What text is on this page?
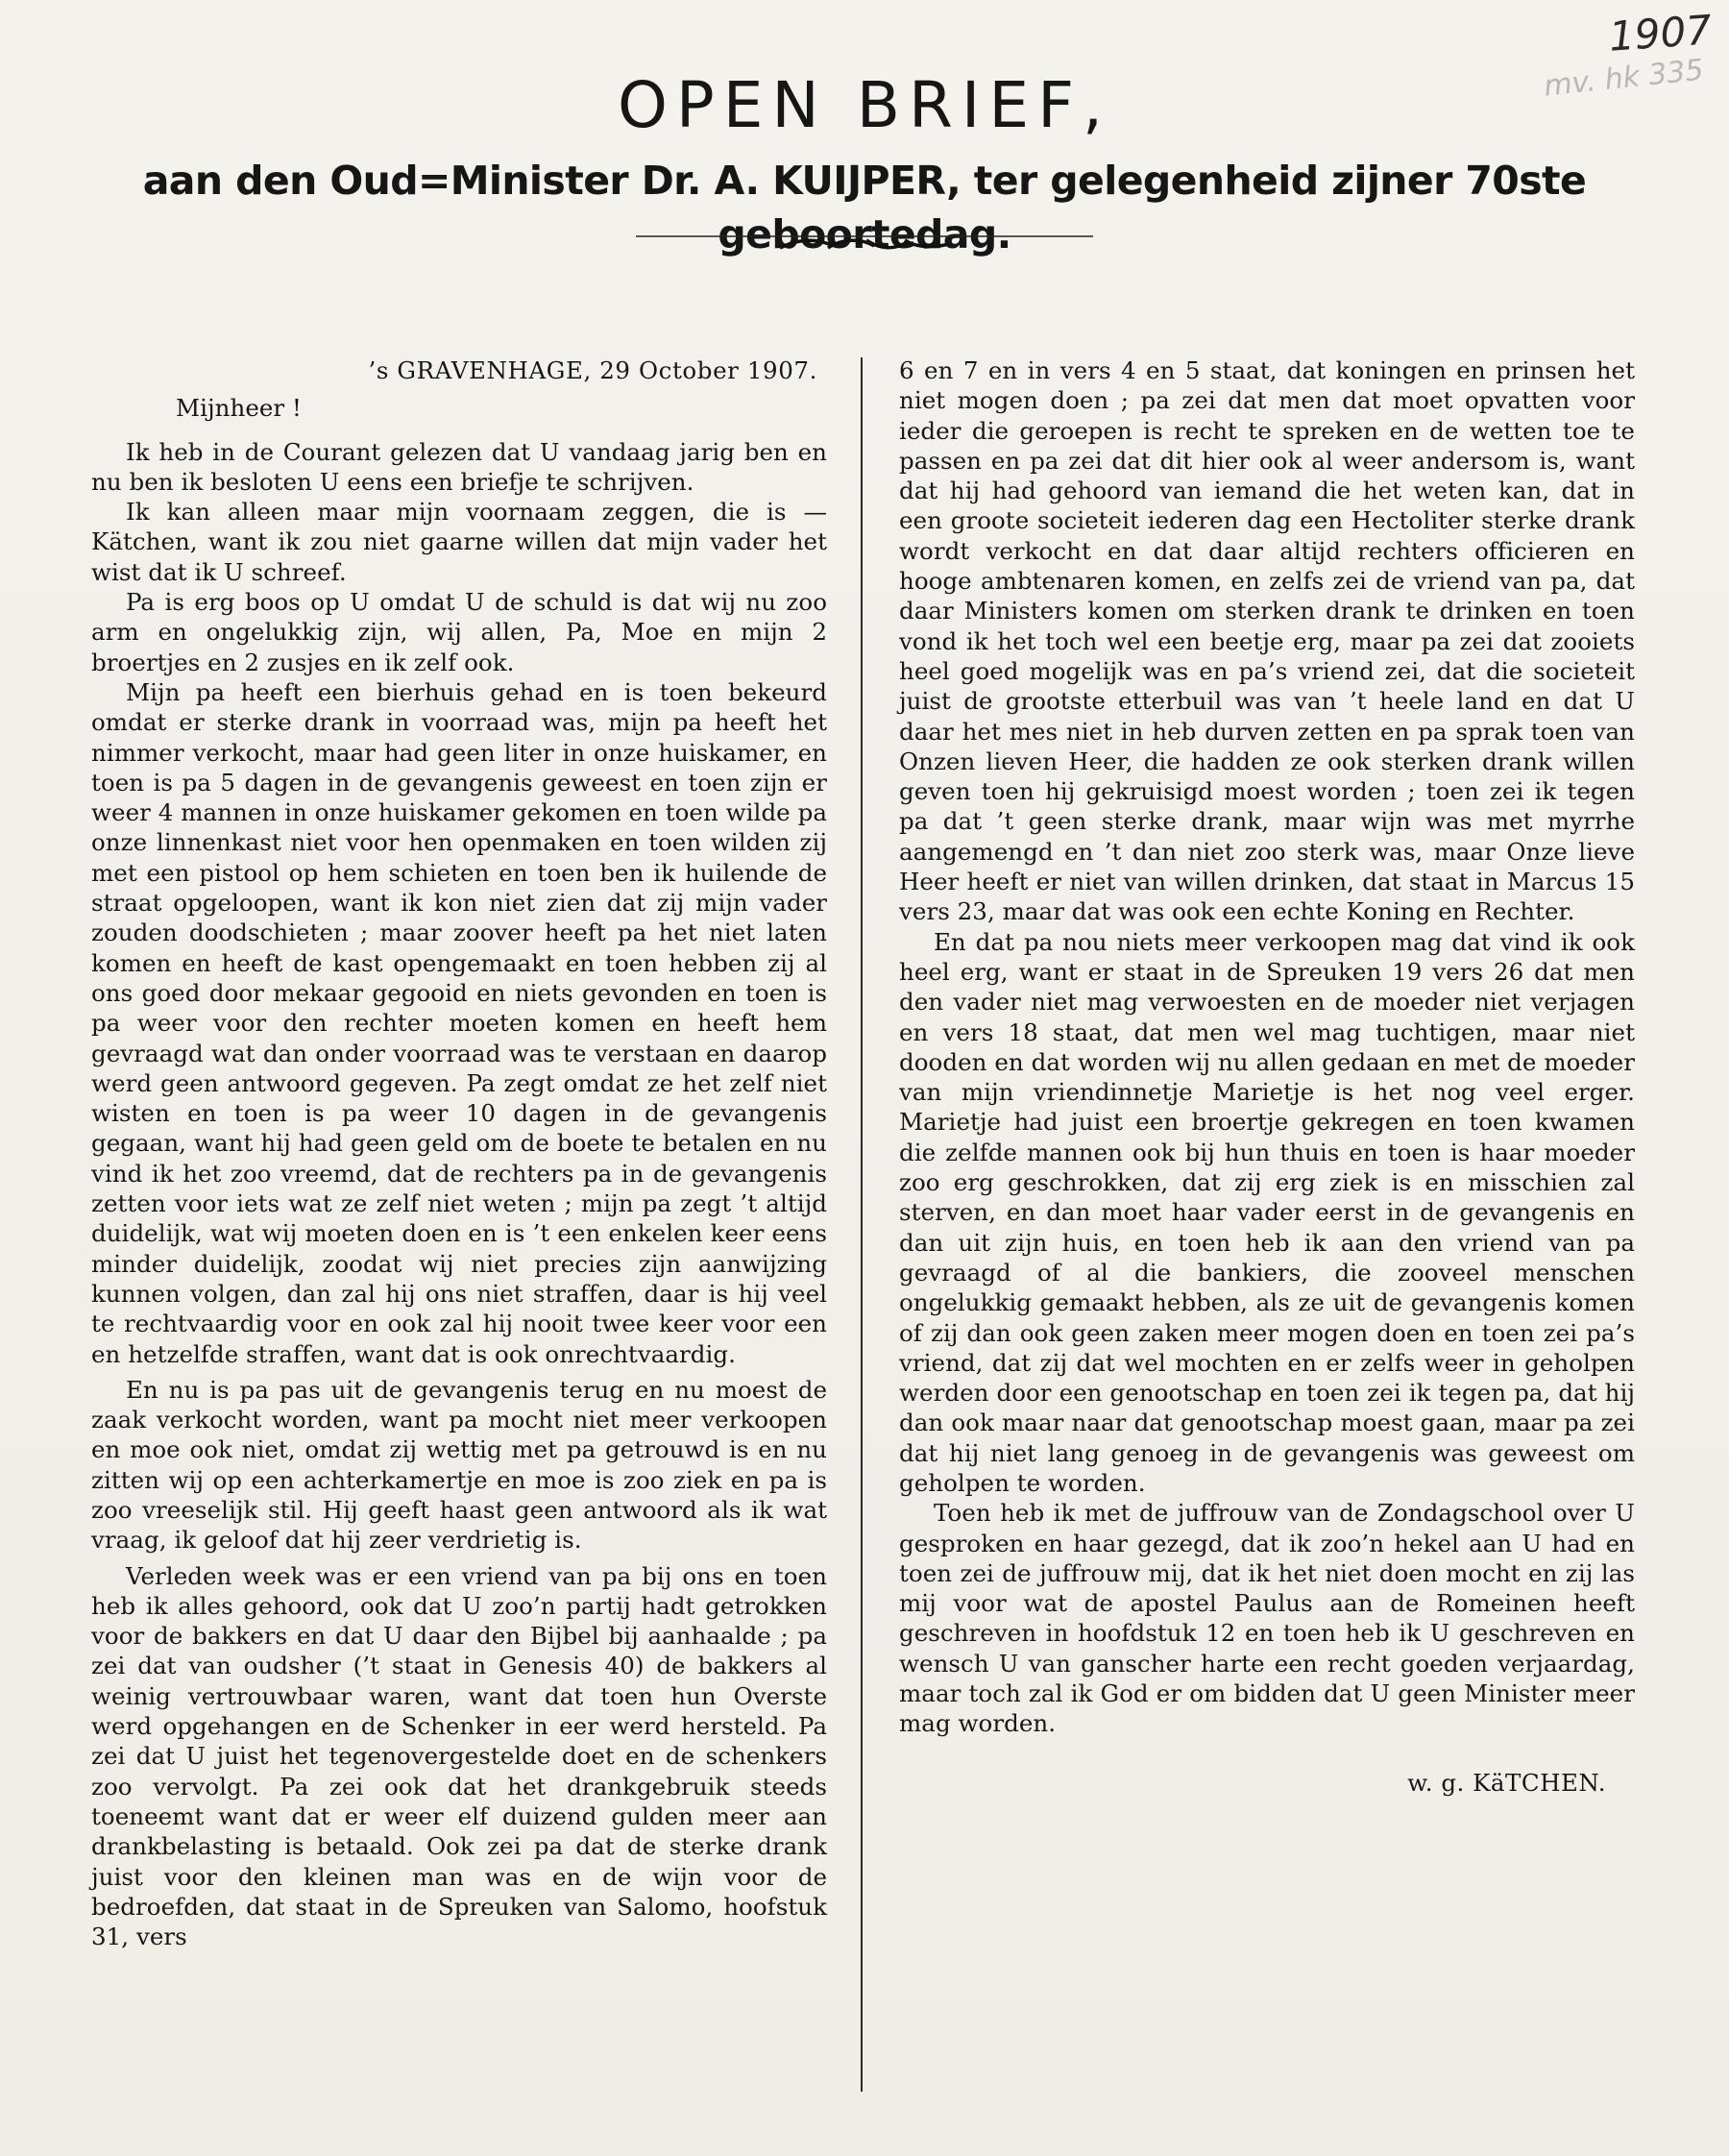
1907
mv. hk 335
OPEN BRIEF,
aan den Oud=Minister Dr. A. KUIJPER, ter gelegenheid zijner 70ste geboortedag.

’s GRAVENHAGE, 29 October 1907.

Mijnheer !

Ik heb in de Courant gelezen dat U vandaag jarig ben en nu ben ik besloten U eens een briefje te schrijven.

Ik kan alleen maar mijn voornaam zeggen, die is — Kätchen, want ik zou niet gaarne willen dat mijn vader het wist dat ik U schreef.

Pa is erg boos op U omdat U de schuld is dat wij nu zoo arm en ongelukkig zijn, wij allen, Pa, Moe en mijn 2 broertjes en 2 zusjes en ik zelf ook.

Mijn pa heeft een bierhuis gehad en is toen bekeurd omdat er sterke drank in voorraad was, mijn pa heeft het nimmer verkocht, maar had geen liter in onze huiskamer, en toen is pa 5 dagen in de gevangenis geweest en toen zijn er weer 4 mannen in onze huiskamer gekomen en toen wilde pa onze linnenkast niet voor hen openmaken en toen wilden zij met een pistool op hem schieten en toen ben ik huilende de straat opgeloopen, want ik kon niet zien dat zij mijn vader zouden doodschieten ; maar zoover heeft pa het niet laten komen en heeft de kast opengemaakt en toen hebben zij al ons goed door mekaar gegooid en niets gevonden en toen is pa weer voor den rechter moeten komen en heeft hem gevraagd wat dan onder voorraad was te verstaan en daarop werd geen antwoord gegeven. Pa zegt omdat ze het zelf niet wisten en toen is pa weer 10 dagen in de gevangenis gegaan, want hij had geen geld om de boete te betalen en nu vind ik het zoo vreemd, dat de rechters pa in de gevangenis zetten voor iets wat ze zelf niet weten ; mijn pa zegt ’t altijd duidelijk, wat wij moeten doen en is ’t een enkelen keer eens minder duidelijk, zoodat wij niet precies zijn aanwijzing kunnen volgen, dan zal hij ons niet straffen, daar is hij veel te rechtvaardig voor en ook zal hij nooit twee keer voor een en hetzelfde straffen, want dat is ook onrechtvaardig.

En nu is pa pas uit de gevangenis terug en nu moest de zaak verkocht worden, want pa mocht niet meer verkoopen en moe ook niet, omdat zij wettig met pa getrouwd is en nu zitten wij op een achterkamertje en moe is zoo ziek en pa is zoo vreeselijk stil. Hij geeft haast geen antwoord als ik wat vraag, ik geloof dat hij zeer verdrietig is.

Verleden week was er een vriend van pa bij ons en toen heb ik alles gehoord, ook dat U zoo’n partij hadt getrokken voor de bakkers en dat U daar den Bijbel bij aanhaalde ; pa zei dat van oudsher (’t staat in Genesis 40) de bakkers al weinig vertrouwbaar waren, want dat toen hun Overste werd opgehangen en de Schenker in eer werd hersteld. Pa zei dat U juist het tegenovergestelde doet en de schenkers zoo vervolgt. Pa zei ook dat het drankgebruik steeds toeneemt want dat er weer elf duizend gulden meer aan drankbelasting is betaald. Ook zei pa dat de sterke drank juist voor den kleinen man was en de wijn voor de bedroefden, dat staat in de Spreuken van Salomo, hoofstuk 31, vers

6 en 7 en in vers 4 en 5 staat, dat koningen en prinsen het niet mogen doen ; pa zei dat men dat moet opvatten voor ieder die geroepen is recht te spreken en de wetten toe te passen en pa zei dat dit hier ook al weer andersom is, want dat hij had gehoord van iemand die het weten kan, dat in een groote societeit iederen dag een Hectoliter sterke drank wordt verkocht en dat daar altijd rechters officieren en hooge ambtenaren komen, en zelfs zei de vriend van pa, dat daar Ministers komen om sterken drank te drinken en toen vond ik het toch wel een beetje erg, maar pa zei dat zooiets heel goed mogelijk was en pa’s vriend zei, dat die societeit juist de grootste etterbuil was van ’t heele land en dat U daar het mes niet in heb durven zetten en pa sprak toen van Onzen lieven Heer, die hadden ze ook sterken drank willen geven toen hij gekruisigd moest worden ; toen zei ik tegen pa dat ’t geen sterke drank, maar wijn was met myrrhe aangemengd en ’t dan niet zoo sterk was, maar Onze lieve Heer heeft er niet van willen drinken, dat staat in Marcus 15 vers 23, maar dat was ook een echte Koning en Rechter.

En dat pa nou niets meer verkoopen mag dat vind ik ook heel erg, want er staat in de Spreuken 19 vers 26 dat men den vader niet mag verwoesten en de moeder niet verjagen en vers 18 staat, dat men wel mag tuchtigen, maar niet dooden en dat worden wij nu allen gedaan en met de moeder van mijn vriendinnetje Marietje is het nog veel erger. Marietje had juist een broertje gekregen en toen kwamen die zelfde mannen ook bij hun thuis en toen is haar moeder zoo erg geschrokken, dat zij erg ziek is en misschien zal sterven, en dan moet haar vader eerst in de gevangenis en dan uit zijn huis, en toen heb ik aan den vriend van pa gevraagd of al die bankiers, die zooveel menschen ongelukkig gemaakt hebben, als ze uit de gevangenis komen of zij dan ook geen zaken meer mogen doen en toen zei pa’s vriend, dat zij dat wel mochten en er zelfs weer in geholpen werden door een genootschap en toen zei ik tegen pa, dat hij dan ook maar naar dat genootschap moest gaan, maar pa zei dat hij niet lang genoeg in de gevangenis was geweest om geholpen te worden.

Toen heb ik met de juffrouw van de Zondagschool over U gesproken en haar gezegd, dat ik zoo’n hekel aan U had en toen zei de juffrouw mij, dat ik het niet doen mocht en zij las mij voor wat de apostel Paulus aan de Romeinen heeft geschreven in hoofdstuk 12 en toen heb ik U geschreven en wensch U van ganscher harte een recht goeden verjaardag, maar toch zal ik God er om bidden dat U geen Minister meer mag worden.

w. g. KäTCHEN.
